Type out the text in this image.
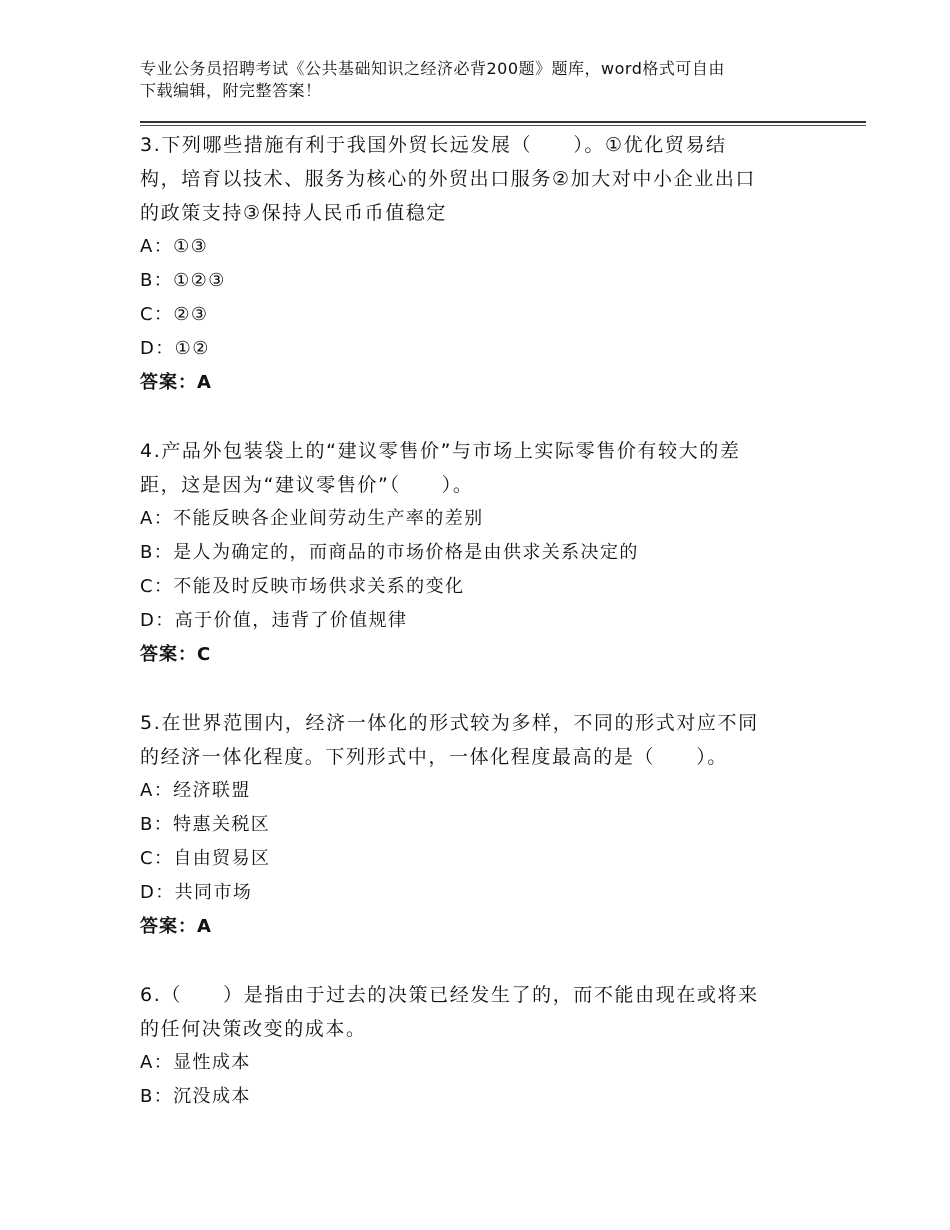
专业公务员招聘考试《公共基础知识之经济必背200题》题库，word格式可自由
下载编辑，附完整答案！

3.下列哪些措施有利于我国外贸长远发展（　　）。①优化贸易结

构，培育以技术、服务为核心的外贸出口服务②加大对中小企业出口

的政策支持③保持人民币币值稳定

A：①③

B：①②③

C：②③

D：①②

答案：A

4.产品外包装袋上的“建议零售价”与市场上实际零售价有较大的差

距，这是因为“建议零售价”（　　）。

A：不能反映各企业间劳动生产率的差别

B：是人为确定的，而商品的市场价格是由供求关系决定的

C：不能及时反映市场供求关系的变化

D：高于价值，违背了价值规律

答案：C

5.在世界范围内，经济一体化的形式较为多样，不同的形式对应不同

的经济一体化程度。下列形式中，一体化程度最高的是（　　）。

A：经济联盟

B：特惠关税区

C：自由贸易区

D：共同市场

答案：A

6.（　　）是指由于过去的决策已经发生了的，而不能由现在或将来

的任何决策改变的成本。

A：显性成本

B：沉没成本
